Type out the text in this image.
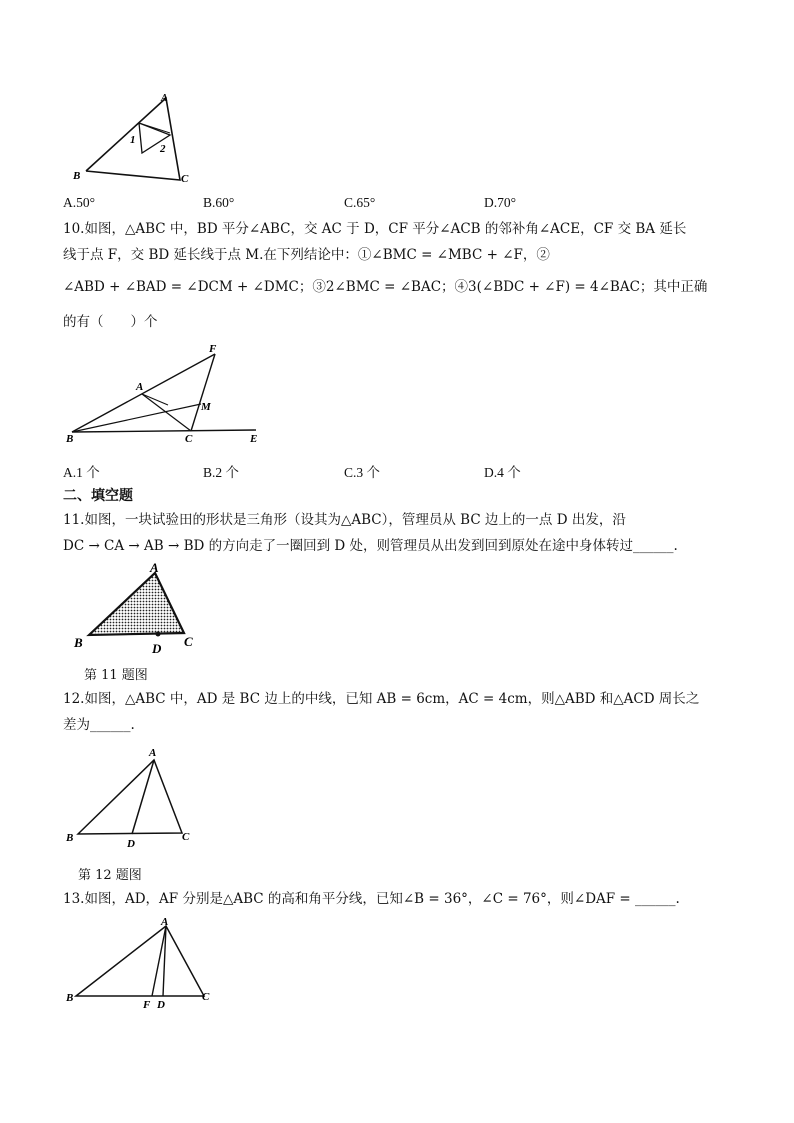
A
B	C
1
2
A.50°	B.60°	C.65°	D.70°
10.如图，△ABC 中，BD 平分∠ABC，交 AC 于 D，CF 平分∠ACB 的邻补角∠ACE，CF 交 BA 延长
线于点 F，交 BD 延长线于点 M.在下列结论中：①∠BMC = ∠MBC + ∠F，②
∠ABD + ∠BAD = ∠DCM + ∠DMC；③2∠BMC = ∠BAC；④3(∠BDC + ∠F) = 4∠BAC；其中正确
的有（　　）个
A
B	C	E
F
M
A.1 个	B.2 个	C.3 个	D.4 个
二、填空题
11.如图，一块试验田的形状是三角形（设其为△ABC），管理员从 BC 边上的一点 D 出发，沿
DC → CA → AB → BD 的方向走了一圈回到 D 处，则管理员从出发到回到原处在途中身体转过______.
A
B	C
D
第 11 题图
12.如图，△ABC 中，AD 是 BC 边上的中线，已知 AB = 6cm，AC = 4cm，则△ABD 和△ACD 周长之
差为______.
A
B	C
D
第 12 题图
13.如图，AD，AF 分别是△ABC 的高和角平分线，已知∠B = 36°，∠C = 76°，则∠DAF = ______.
A
B	C
F D
